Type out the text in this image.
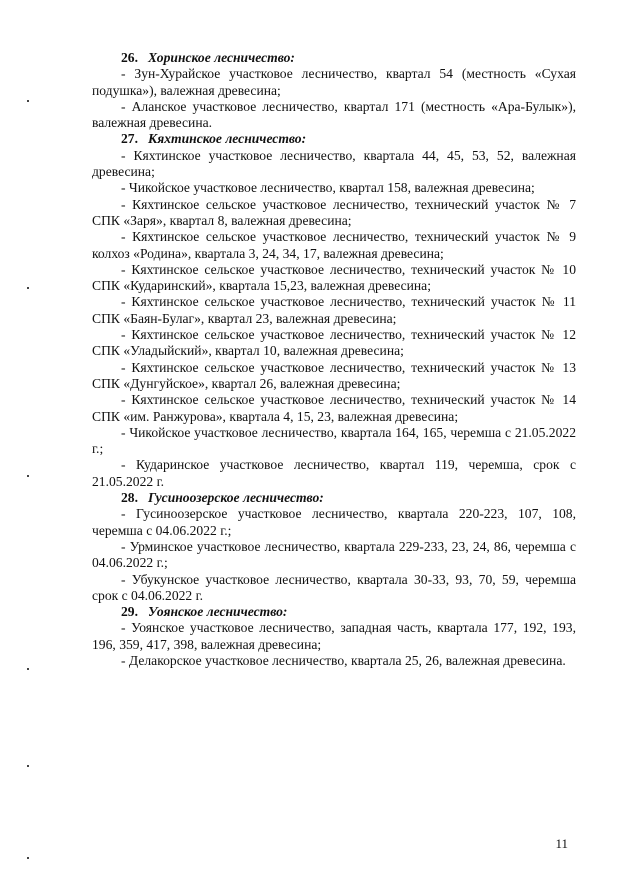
26. Хоринское лесничество:

- Зун-Хурайское участковое лесничество, квартал 54 (местность «Сухая подушка»), валежная древесина;

- Аланское участковое лесничество, квартал 171 (местность «Ара-Булык»), валежная древесина.

27. Кяхтинское лесничество:

- Кяхтинское участковое лесничество, квартала 44, 45, 53, 52, валежная древесина;

- Чикойское участковое лесничество, квартал 158, валежная древесина;

- Кяхтинское сельское участковое лесничество, технический участок № 7 СПК «Заря», квартал 8, валежная древесина;

- Кяхтинское сельское участковое лесничество, технический участок № 9 колхоз «Родина», квартала 3, 24, 34, 17, валежная древесина;

- Кяхтинское сельское участковое лесничество, технический участок № 10 СПК «Кударинский», квартала 15,23, валежная древесина;

- Кяхтинское сельское участковое лесничество, технический участок № 11 СПК «Баян-Булаг», квартал 23, валежная древесина;

- Кяхтинское сельское участковое лесничество, технический участок № 12 СПК «Уладыйский», квартал 10, валежная древесина;

- Кяхтинское сельское участковое лесничество, технический участок № 13 СПК «Дунгуйское», квартал 26, валежная древесина;

- Кяхтинское сельское участковое лесничество, технический участок № 14 СПК «им. Ранжурова», квартала 4, 15, 23, валежная древесина;

- Чикойское участковое лесничество, квартала 164, 165, черемша с 21.05.2022 г.;

- Кударинское участковое лесничество, квартал 119, черемша, срок с 21.05.2022 г.

28. Гусиноозерское лесничество:

- Гусиноозерское участковое лесничество, квартала 220-223, 107, 108, черемша с 04.06.2022 г.;

- Урминское участковое лесничество, квартала 229-233, 23, 24, 86, черемша с 04.06.2022 г.;

- Убукунское участковое лесничество, квартала 30-33, 93, 70, 59, черемша срок с 04.06.2022 г.

29. Уоянское лесничество:

- Уоянское участковое лесничество, западная часть, квартала 177, 192, 193, 196, 359, 417, 398, валежная древесина;

- Делакорское участковое лесничество, квартала 25, 26, валежная древесина.

11
